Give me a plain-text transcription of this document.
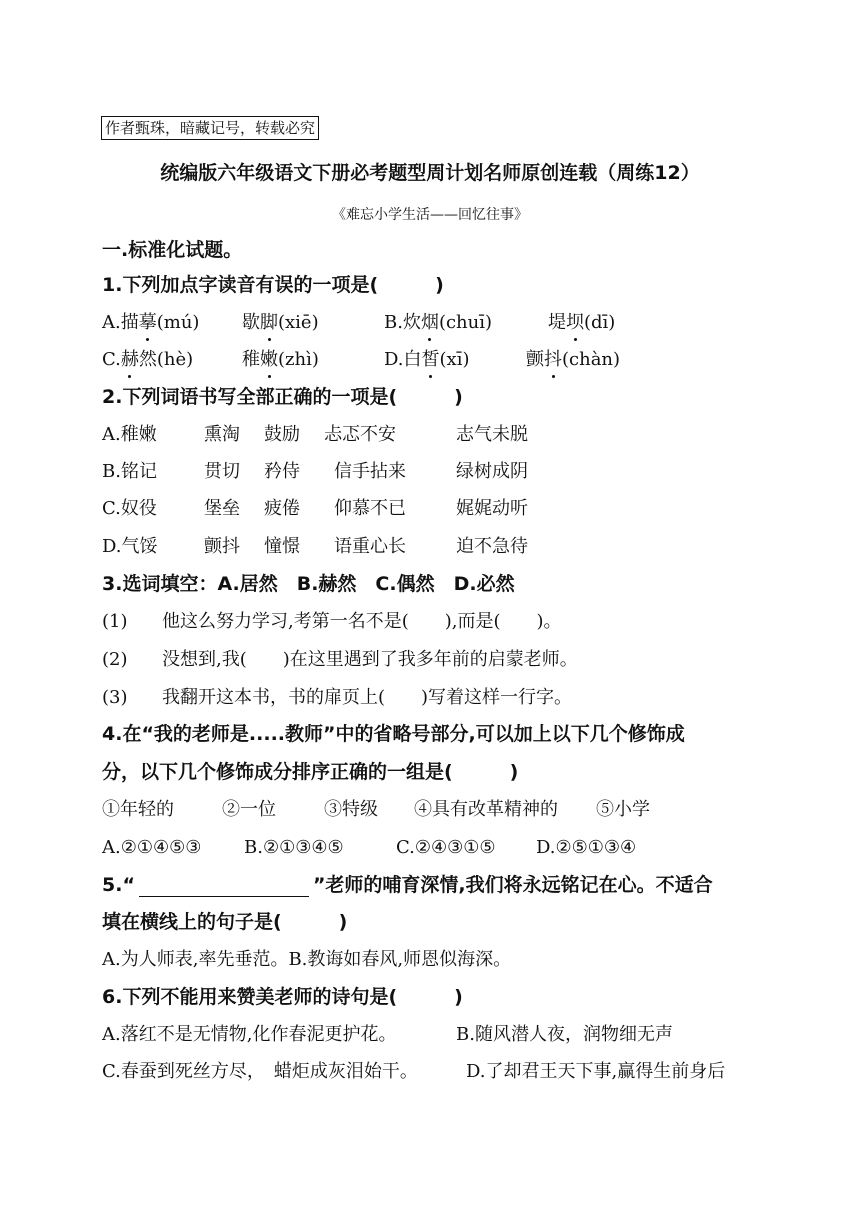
作者甄珠，暗藏记号，转载必究
统编版六年级语文下册必考题型周计划名师原创连载（周练12）
《难忘小学生活——回忆往事》
一.标准化试题。
1.下列加点字读音有误的一项是(　　　)
A.描摹(mú) 歇脚(xiē)	B.炊烟(chuī)	堤坝(dī)
C.赫然(hè)	稚嫩(zhì)	D.白皙(xī)	颤抖(chàn)
2.下列词语书写全部正确的一项是(　　　)
A.稚嫩	熏淘 鼓励 忐忑不安	志气未脱
B.铭记	贯切 矜侍 信手拈来	绿树成阴
C.奴役	堡垒 疲倦 仰慕不已	娓娓动听
D.气馁	颤抖 憧憬 语重心长	迫不急待
3.选词填空：A.居然　B.赫然　C.偶然　D.必然
(1) 他这么努力学习,考第一名不是(　　),而是(　　)。
(2) 没想到,我(　　)在这里遇到了我多年前的启蒙老师。
(3) 我翻开这本书，书的扉页上(　　)写着这样一行字。
4.在“我的老师是.....教师”中的省略号部分,可以加上以下几个修饰成
分，以下几个修饰成分排序正确的一组是(　　　)
①年轻的	②一位	③特级 ④具有改革精神的 ⑤小学
A.②①④⑤③ B.②①③④⑤	C.②④③①⑤ D.②⑤①③④
5.“	”老师的哺育深情,我们将永远铭记在心。不适合
填在横线上的句子是(　　　)
A.为人师表,率先垂范。B.教诲如春风,师恩似海深。
6.下列不能用来赞美老师的诗句是(　　　)
A.落红不是无情物,化作春泥更护花。	B.随风潜人夜，润物细无声
C.春蚕到死丝方尽，　蜡炬成灰泪始干。	D.了却君王天下事,赢得生前身后
